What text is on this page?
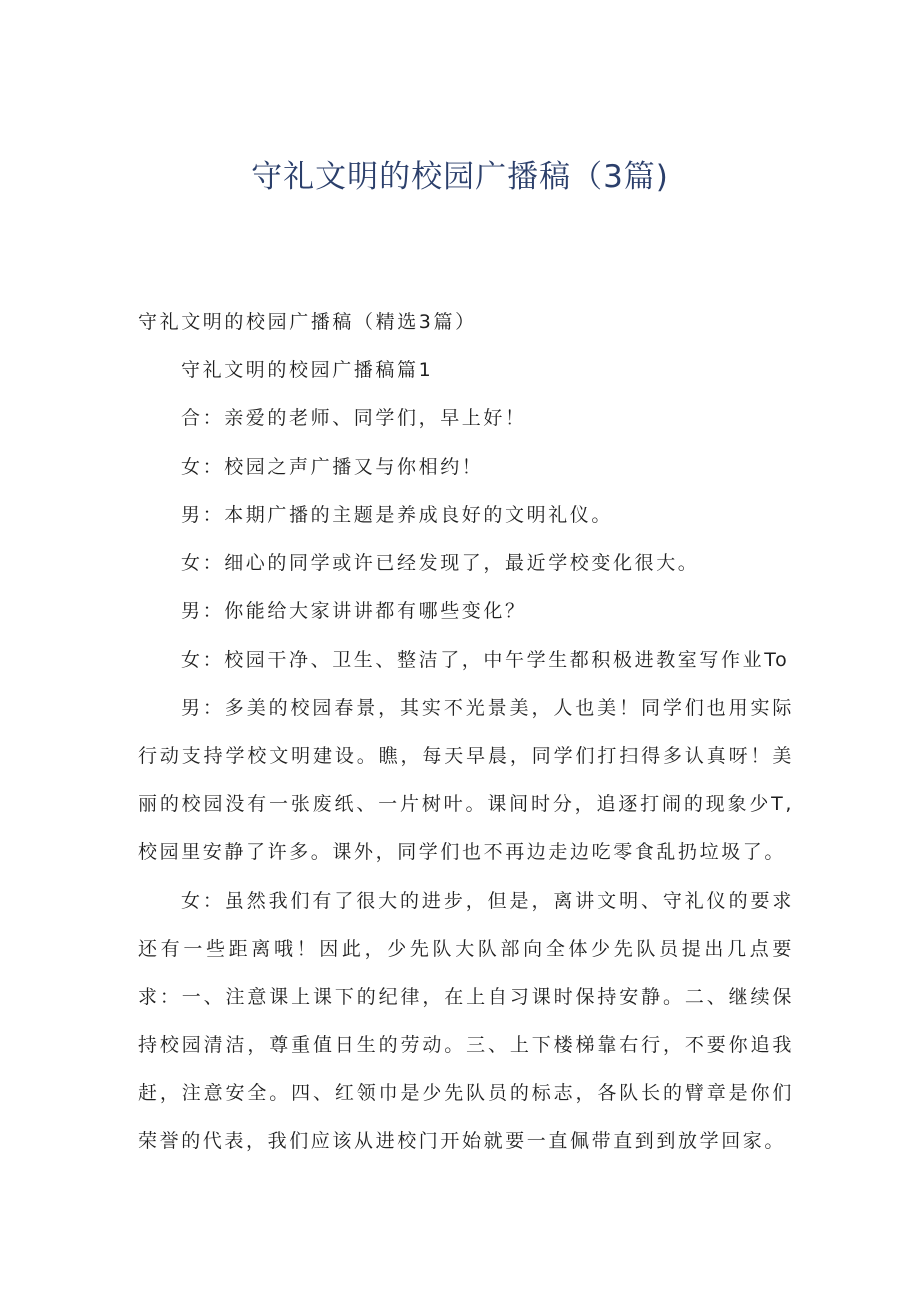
守礼文明的校园广播稿（3篇)
守礼文明的校园广播稿（精选3篇）
守礼文明的校园广播稿篇1
合：亲爱的老师、同学们，早上好！
女：校园之声广播又与你相约！
男：本期广播的主题是养成良好的文明礼仪。
女：细心的同学或许已经发现了，最近学校变化很大。
男：你能给大家讲讲都有哪些变化？
女：校园干净、卫生、整洁了，中午学生都积极进教室写作业To
男：多美的校园春景，其实不光景美，人也美！同学们也用实际行动支持学校文明建设。瞧，每天早晨，同学们打扫得多认真呀！美丽的校园没有一张废纸、一片树叶。课间时分，追逐打闹的现象少T,校园里安静了许多。课外，同学们也不再边走边吃零食乱扔垃圾了。
女：虽然我们有了很大的进步，但是，离讲文明、守礼仪的要求还有一些距离哦！因此，少先队大队部向全体少先队员提出几点要求：一、注意课上课下的纪律，在上自习课时保持安静。二、继续保持校园清洁，尊重值日生的劳动。三、上下楼梯靠右行，不要你追我赶，注意安全。四、红领巾是少先队员的标志，各队长的臂章是你们荣誉的代表，我们应该从进校门开始就要一直佩带直到到放学回家。
